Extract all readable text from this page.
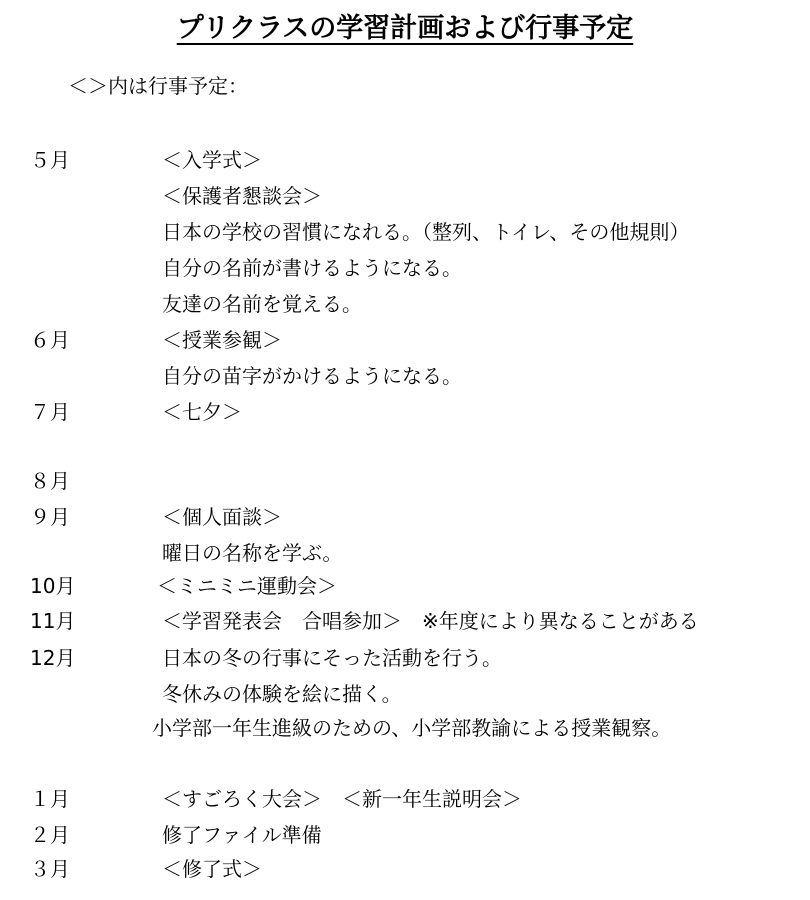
プリクラスの学習計画および行事予定
＜＞内は行事予定：
５月	＜入学式＞
＜保護者懇談会＞
日本の学校の習慣になれる。（整列、トイレ、その他規則）
自分の名前が書けるようになる。
友達の名前を覚える。
６月	＜授業参観＞
自分の苗字がかけるようになる。
７月	＜七夕＞
８月
９月	＜個人面談＞
曜日の名称を学ぶ。
10月	＜ミニミニ運動会＞
11月	＜学習発表会　合唱参加＞　※年度により異なることがある
12月	日本の冬の行事にそった活動を行う。
冬休みの体験を絵に描く。
小学部一年生進級のための、小学部教諭による授業観察。
１月	＜すごろく大会＞　＜新一年生説明会＞
２月	修了ファイル準備
３月	＜修了式＞
